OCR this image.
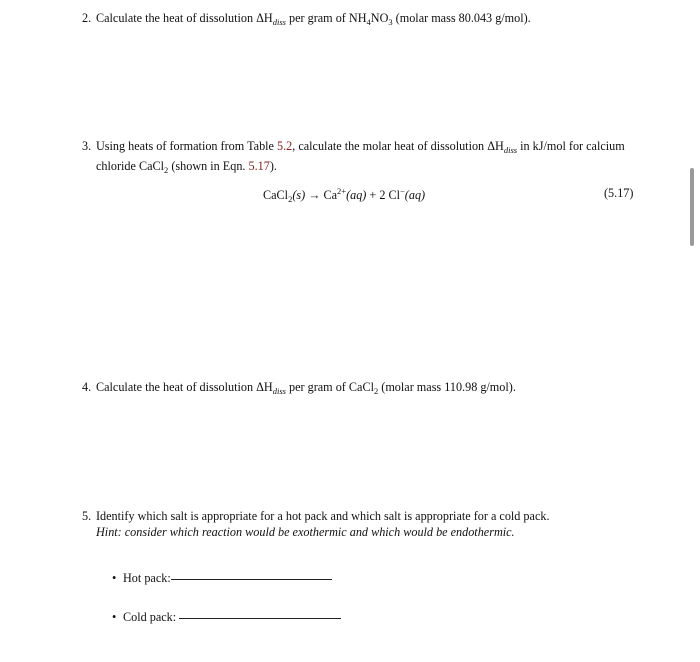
2. Calculate the heat of dissolution $\Delta H_{diss}$ per gram of $NH_4NO_3$ (molar mass 80.043 g/mol).
3. Using heats of formation from Table 5.2, calculate the molar heat of dissolution $\Delta H_{diss}$ in kJ/mol for calcium
chloride CaCl$_2$ (shown in Eqn. 5.17).
CaCl$_2$(s) → $Ca^{2+}(aq) + 2$ Cl−(aq)	(5.17)
4. Calculate the heat of dissolution $\Delta H_{diss}$ per gram of CaCl$_2$ (molar mass 110.98 g/mol).
5. Identify which salt is appropriate for a hot pack and which salt is appropriate for a cold pack.
Hint: consider which reaction would be exothermic and which would be endothermic.
• Hot pack:
• Cold pack:
